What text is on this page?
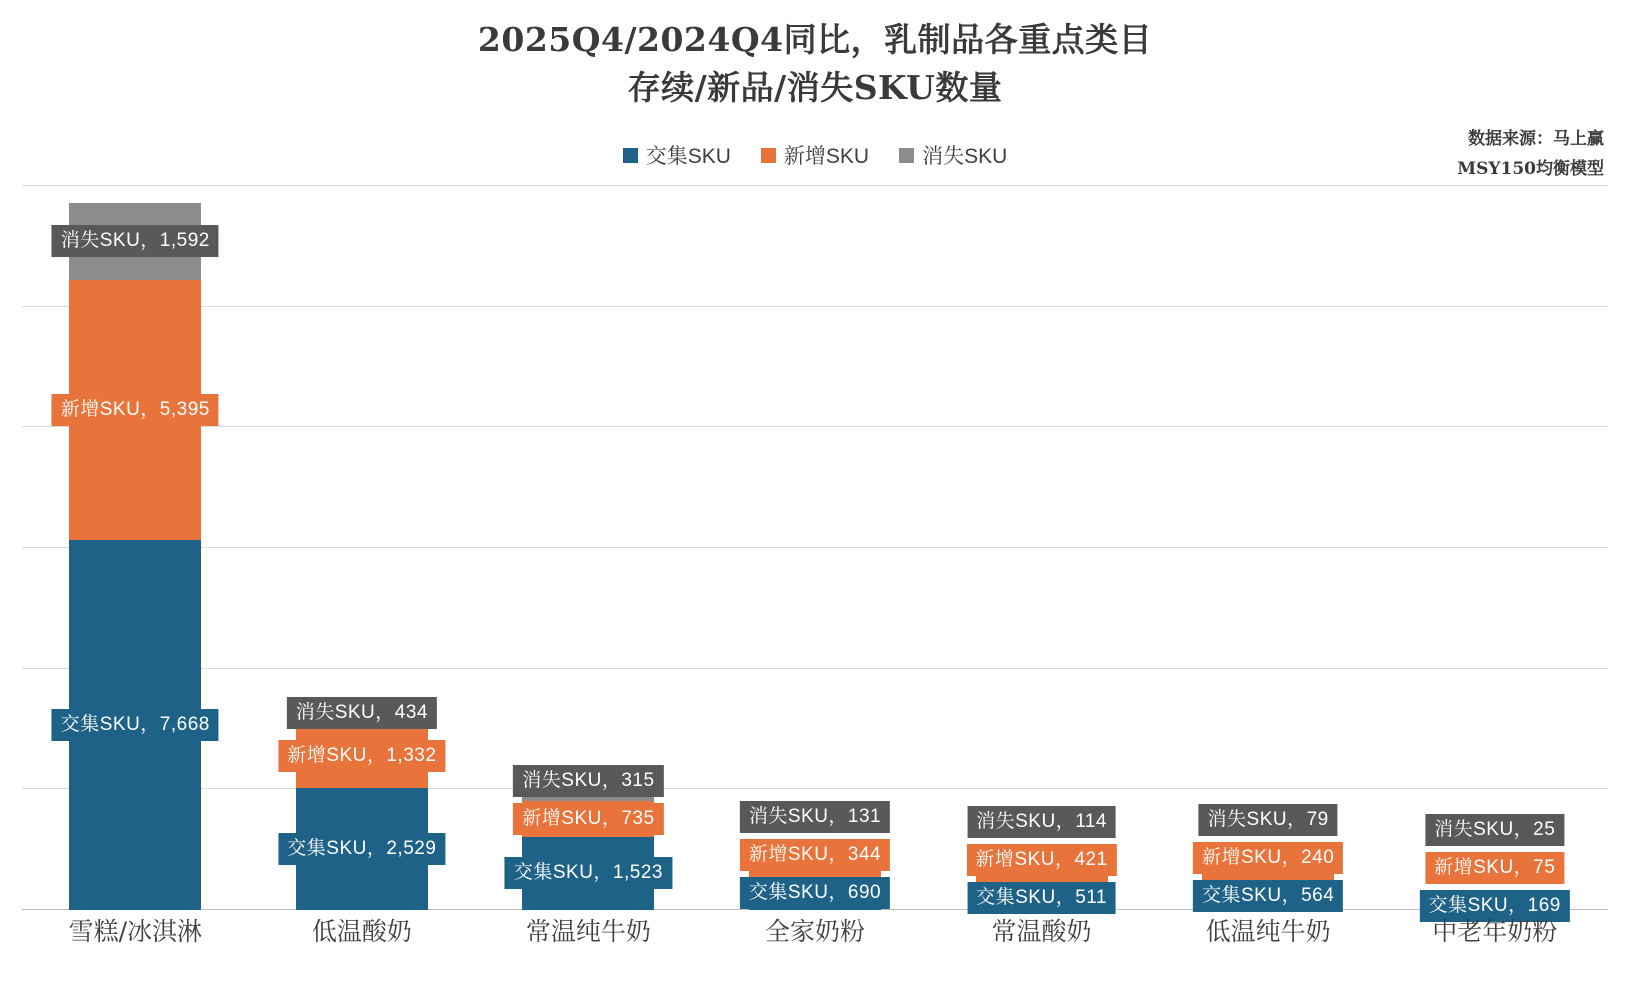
2025Q4/2024Q4同比，乳制品各重点类目
存续/新品/消失SKU数量
数据来源：马上赢
MSY150均衡模型
交集SKU	新增SKU	消失SKU
交集SKU，7,668
新增SKU，5,395
消失SKU，1,592
交集SKU，2,529
新增SKU，1,332
消失SKU，434
交集SKU，1,523
新增SKU，735
消失SKU，315
交集SKU，690
新增SKU，344
消失SKU，131
交集SKU，511
新增SKU，421
消失SKU，114
交集SKU，564
新增SKU，240
消失SKU，79
交集SKU，169
新增SKU，75
消失SKU，25
雪糕/冰淇淋	低温酸奶	常温纯牛奶	全家奶粉	常温酸奶	低温纯牛奶	中老年奶粉
